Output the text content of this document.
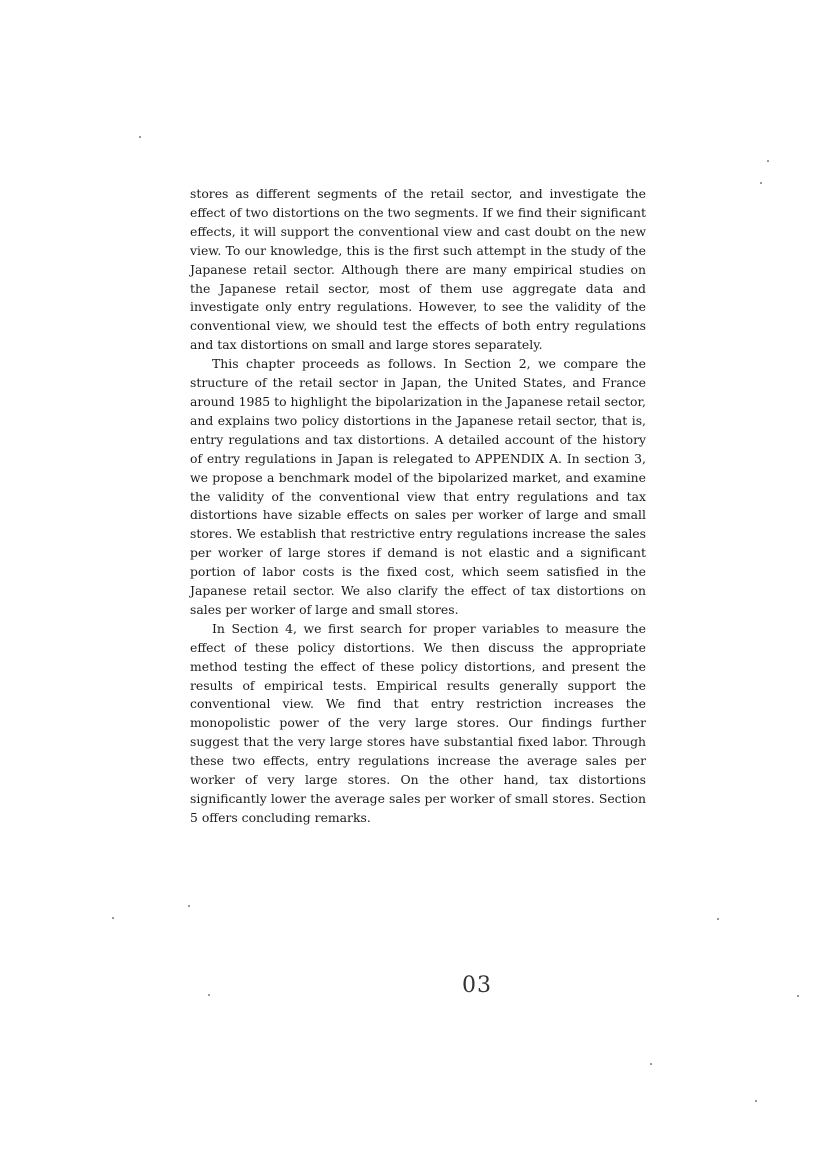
stores as different segments of the retail sector, and investigate the effect of two distortions on the two segments. If we find their significant effects, it will support the conventional view and cast doubt on the new view. To our knowledge, this is the first such attempt in the study of the Japanese retail sector. Although there are many empirical studies on the Japanese retail sector, most of them use aggregate data and investigate only entry regulations. However, to see the validity of the conventional view, we should test the effects of both entry regulations and tax distortions on small and large stores separately.

This chapter proceeds as follows. In Section 2, we compare the structure of the retail sector in Japan, the United States, and France around 1985 to highlight the bipolarization in the Japanese retail sector, and explains two policy distortions in the Japanese retail sector, that is, entry regulations and tax distortions. A detailed account of the history of entry regulations in Japan is relegated to APPENDIX A. In section 3, we propose a benchmark model of the bipolarized market, and examine the validity of the conventional view that entry regulations and tax distortions have sizable effects on sales per worker of large and small stores. We establish that restrictive entry regulations increase the sales per worker of large stores if demand is not elastic and a significant portion of labor costs is the fixed cost, which seem satisfied in the Japanese retail sector. We also clarify the effect of tax distortions on sales per worker of large and small stores.

In Section 4, we first search for proper variables to measure the effect of these policy distortions. We then discuss the appropriate method testing the effect of these policy distortions, and present the results of empirical tests. Empirical results generally support the conventional view. We find that entry restriction increases the monopolistic power of the very large stores. Our findings further suggest that the very large stores have substantial fixed labor. Through these two effects, entry regulations increase the average sales per worker of very large stores. On the other hand, tax distortions significantly lower the average sales per worker of small stores. Section 5 offers concluding remarks.

03
